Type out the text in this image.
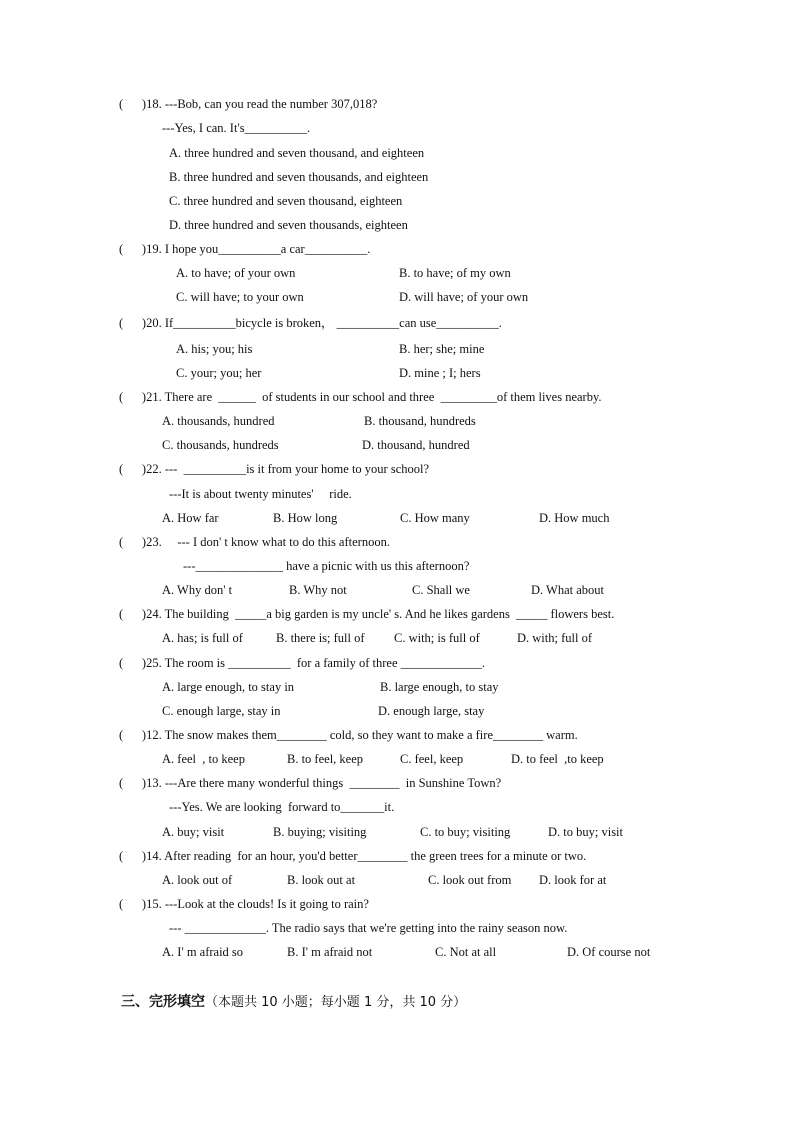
(      )18. ---Bob, can you read the number 307,018?
---Yes, I can. It's__________.
A. three hundred and seven thousand, and eighteen
B. three hundred and seven thousands, and eighteen
C. three hundred and seven thousand, eighteen
D. three hundred and seven thousands, eighteen
(      )19. I hope you__________a car__________.
A. to have; of your own	B. to have; of my own
C. will have; to your own	D. will have; of your own
(      )20. If__________bicycle is broken， __________can use__________.
A. his; you; his	B. her; she; mine
C. your; you; her	D. mine ; I; hers
(      )21. There are  ______  of students in our school and three  _________of them lives nearby.
A. thousands, hundred	B. thousand, hundreds
C. thousands, hundreds	D. thousand, hundred
(      )22. ---  __________is it from your home to your school?
---It is about twenty minutes'     ride.
A. How far	B. How long	C. How many	D. How much
(      )23.     --- I don' t know what to do this afternoon.
---______________ have a picnic with us this afternoon?
A. Why don' t	B. Why not	C. Shall we	D. What about
(      )24. The building  _____a big garden is my uncle' s. And he likes gardens  _____ flowers best.
A. has; is full of	B. there is; full of C. with; is full of	D. with; full of
(      )25. The room is __________  for a family of three _____________.
A. large enough, to stay in	B. large enough, to stay
C. enough large, stay in	D. enough large, stay
(      )12. The snow makes them________ cold, so they want to make a fire________ warm.
A. feel  , to keep	B. to feel, keep	C. feel, keep	D. to feel  ,to keep
(      )13. ---Are there many wonderful things  ________  in Sunshine Town?
---Yes. We are looking  forward to_______it.
A. buy; visit	B. buying; visiting	C. to buy; visiting	D. to buy; visit
(      )14. After reading  for an hour, you'd better________ the green trees for a minute or two.
A. look out of	B. look out at	C. look out from D. look for at
(      )15. ---Look at the clouds! Is it going to rain?
--- _____________. The radio says that we're getting into the rainy season now.
A. I' m afraid so	B. I' m afraid not	C. Not at all	D. Of course not
三、完形填空（本题共 10 小题；每小题 1 分，共 10 分）
